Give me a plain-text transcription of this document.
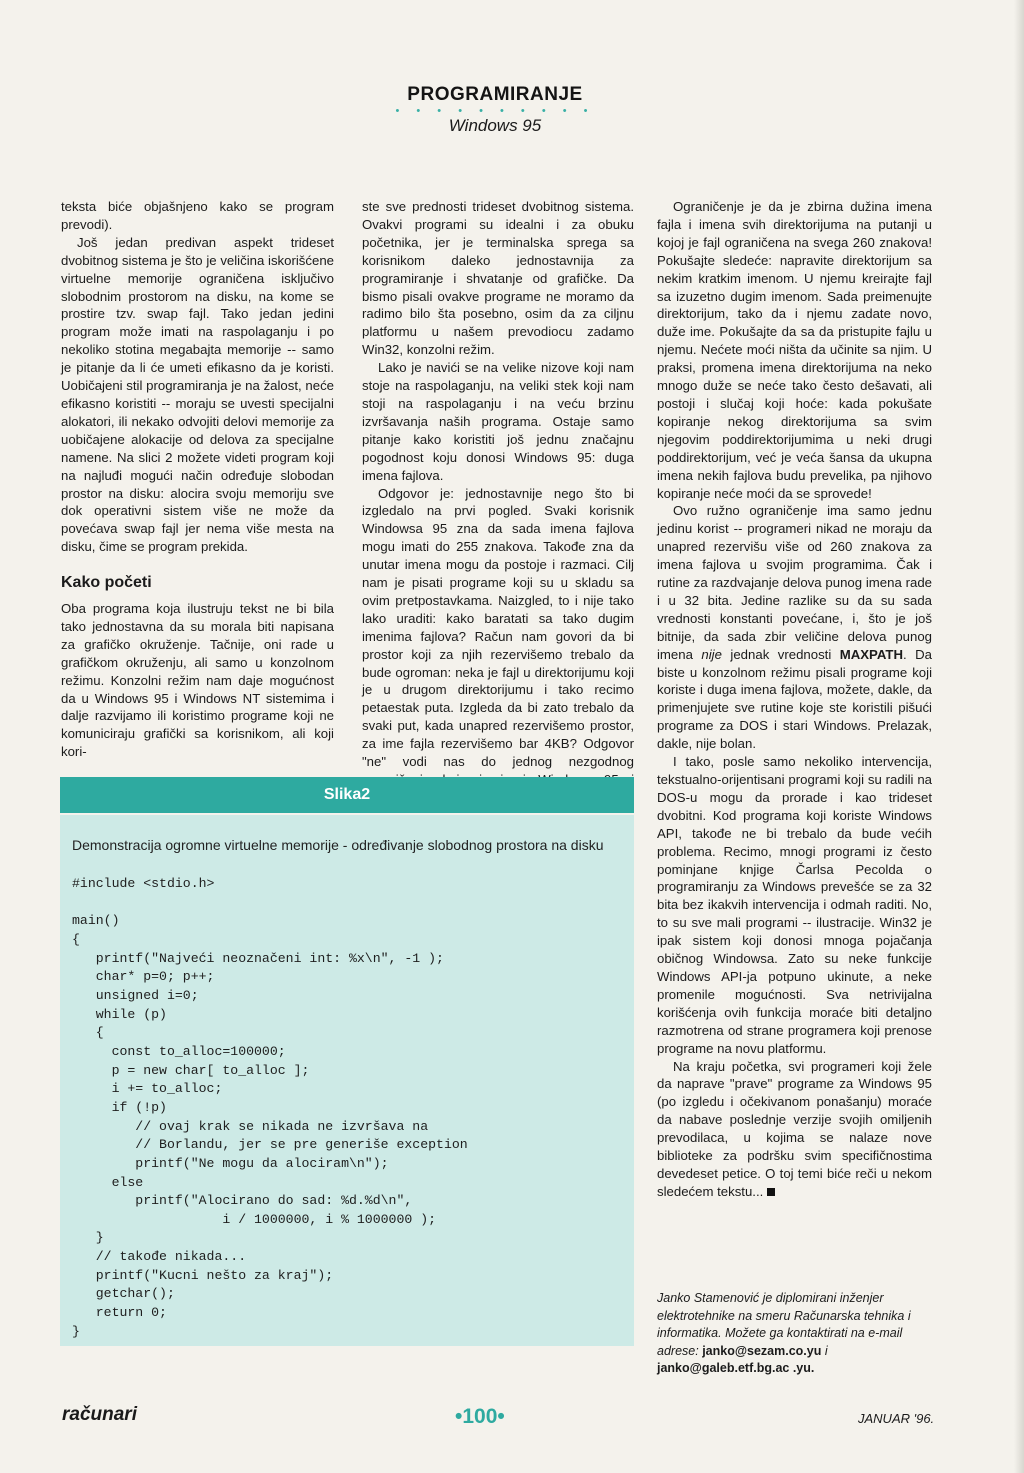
PROGRAMIRANJE
• • • • • • • • • •
Windows 95

teksta biće objašnjeno kako se program prevodi).

Još jedan predivan aspekt trideset dvobitnog sistema je što je veličina iskorišćene virtuelne memorije ograničena isključivo slobodnim prostorom na disku, na kome se prostire tzv. swap fajl. Tako jedan jedini program može imati na raspolaganju i po nekoliko stotina megabajta memorije -- samo je pitanje da li će umeti efikasno da je koristi. Uobičajeni stil programiranja je na žalost, neće efikasno koristiti -- moraju se uvesti specijalni alokatori, ili nekako odvojiti delovi memorije za uobičajene alokacije od delova za specijalne namene. Na slici 2 možete videti program koji na najluđi mogući način određuje slobodan prostor na disku: alocira svoju memoriju sve dok operativni sistem više ne može da povećava swap fajl jer nema više mesta na disku, čime se program prekida.

Kako početi

Oba programa koja ilustruju tekst ne bi bila tako jednostavna da su morala biti napisana za grafičko okruženje. Tačnije, oni rade u grafičkom okruženju, ali samo u konzolnom režimu. Konzolni režim nam daje mogućnost da u Windows 95 i Windows NT sistemima i dalje razvijamo ili koristimo programe koji ne komuniciraju grafički sa korisnikom, ali koji kori-

ste sve prednosti trideset dvobitnog sistema. Ovakvi programi su idealni i za obuku početnika, jer je terminalska sprega sa korisnikom daleko jednostavnija za programiranje i shvatanje od grafičke. Da bismo pisali ovakve programe ne moramo da radimo bilo šta posebno, osim da za ciljnu platformu u našem prevodiocu zadamo Win32, konzolni režim.

Lako je navići se na velike nizove koji nam stoje na raspolaganju, na veliki stek koji nam stoji na raspolaganju i na veću brzinu izvršavanja naših programa. Ostaje samo pitanje kako koristiti još jednu značajnu pogodnost koju donosi Windows 95: duga imena fajlova.

Odgovor je: jednostavnije nego što bi izgledalo na prvi pogled. Svaki korisnik Windowsa 95 zna da sada imena fajlova mogu imati do 255 znakova. Takođe zna da unutar imena mogu da postoje i razmaci. Cilj nam je pisati programe koji su u skladu sa ovim pretpostavkama. Naizgled, to i nije tako lako uraditi: kako baratati sa tako dugim imenima fajlova? Račun nam govori da bi prostor koji za njih rezervišemo trebalo da bude ogroman: neka je fajl u direktorijumu koji je u drugom direktorijumu i tako recimo petaestak puta. Izgleda da bi zato trebalo da svaki put, kada unapred rezervišemo prostor, za ime fajla rezervišemo bar 4KB? Odgovor "ne" vodi nas do jednog nezgodnog

Ograničenje je da je zbirna dužina imena fajla i imena svih direktorijuma na putanji u kojoj je fajl ograničena na svega 260 znakova! Pokušajte sledeće: napravite direktorijum sa nekim kratkim imenom. U njemu kreirajte fajl sa izuzetno dugim imenom. Sada preimenujte direktorijum, tako da i njemu zadate novo, duže ime. Pokušajte da sa da pristupite fajlu u njemu. Nećete moći ništa da učinite sa njim. U praksi, promena imena direktorijuma na neko mnogo duže se neće tako često dešavati, ali postoji i slučaj koji hoće: kada pokušate kopiranje nekog direktorijuma sa svim njegovim poddirektorijumima u neki drugi poddirektorijum, već je veća šansa da ukupna imena nekih fajlova budu prevelika, pa njihovo kopiranje neće moći da se sprovede!

Ovo ružno ograničenje ima samo jednu jedinu korist -- programeri nikad ne moraju da unapred rezervišu više od 260 znakova za imena fajlova u svojim programima. Čak i rutine za razdvajanje delova punog imena rade i u 32 bita. Jedine razlike su da su sada vrednosti konstanti povećane, i, što je još bitnije, da sada zbir veličine delova punog imena nije jednak vrednosti MAXPATH. Da biste u konzolnom režimu pisali programe koji koriste i duga imena fajlova, možete, dakle, da primenjujete sve rutine koje ste koristili pišući programe za DOS i stari Windows. Prelazak, dakle, nije bolan.

I tako, posle samo nekoliko intervencija, tekstualno-orijentisani programi koji su radili na DOS-u mogu da prorade i kao trideset dvobitni. Kod programa koji koriste Windows API, takođe ne bi trebalo da bude većih problema. Recimo, mnogi programi iz često pominjane knjige Čarlsa Pecolda o programiranju za Windows prevešće se za 32 bita bez ikakvih intervencija i odmah raditi. No, to su sve mali programi -- ilustracije. Win32 je ipak sistem koji donosi mnoga pojačanja običnog Windowsa. Zato su neke funkcije Windows API-ja potpuno ukinute, a neke promenile mogućnosti. Sva netrivijalna korišćenja ovih funkcija moraće biti detaljno razmotrena od strane programera koji prenose programe na novu platformu.

Na kraju početka, svi programeri koji žele da naprave "prave" programe za Windows 95 (po izgledu i očekivanom ponašanju) moraće da nabave poslednje verzije svojih omiljenih prevodilaca, u kojima se nalaze nove biblioteke za podršku svim specifičnostima devedeset petice. O toj temi biće reči u nekom sledećem tekstu...

Slika2
Demonstracija ogromne virtuelne memorije - određivanje slobodnog prostora na disku
#include <stdio.h>

main()
{
printf("Najveći neoznačeni int: %x\n", -1 );
char* p=0; p++;
unsigned i=0;
while (p)
{
const to_alloc=100000;
p = new char[ to_alloc ];
i += to_alloc;
if (!p)
// ovaj krak se nikada ne izvršava na
// Borlandu, jer se pre generiše exception
printf("Ne mogu da alociram\n");
else
printf("Alocirano do sad: %d.%d\n",
i / 1000000, i % 1000000 );
}
// takođe nikada...
printf("Kucni nešto za kraj");
getchar();
return 0;
}
Janko Stamenović je diplomirani inženjer elektrotehnike na smeru Računarska tehnika i informatika. Možete ga kontaktirati na e-mail adrese: janko@sezam.co.yu i janko@galeb.etf.bg.ac .yu.
računari	•100•	JANUAR '96.
